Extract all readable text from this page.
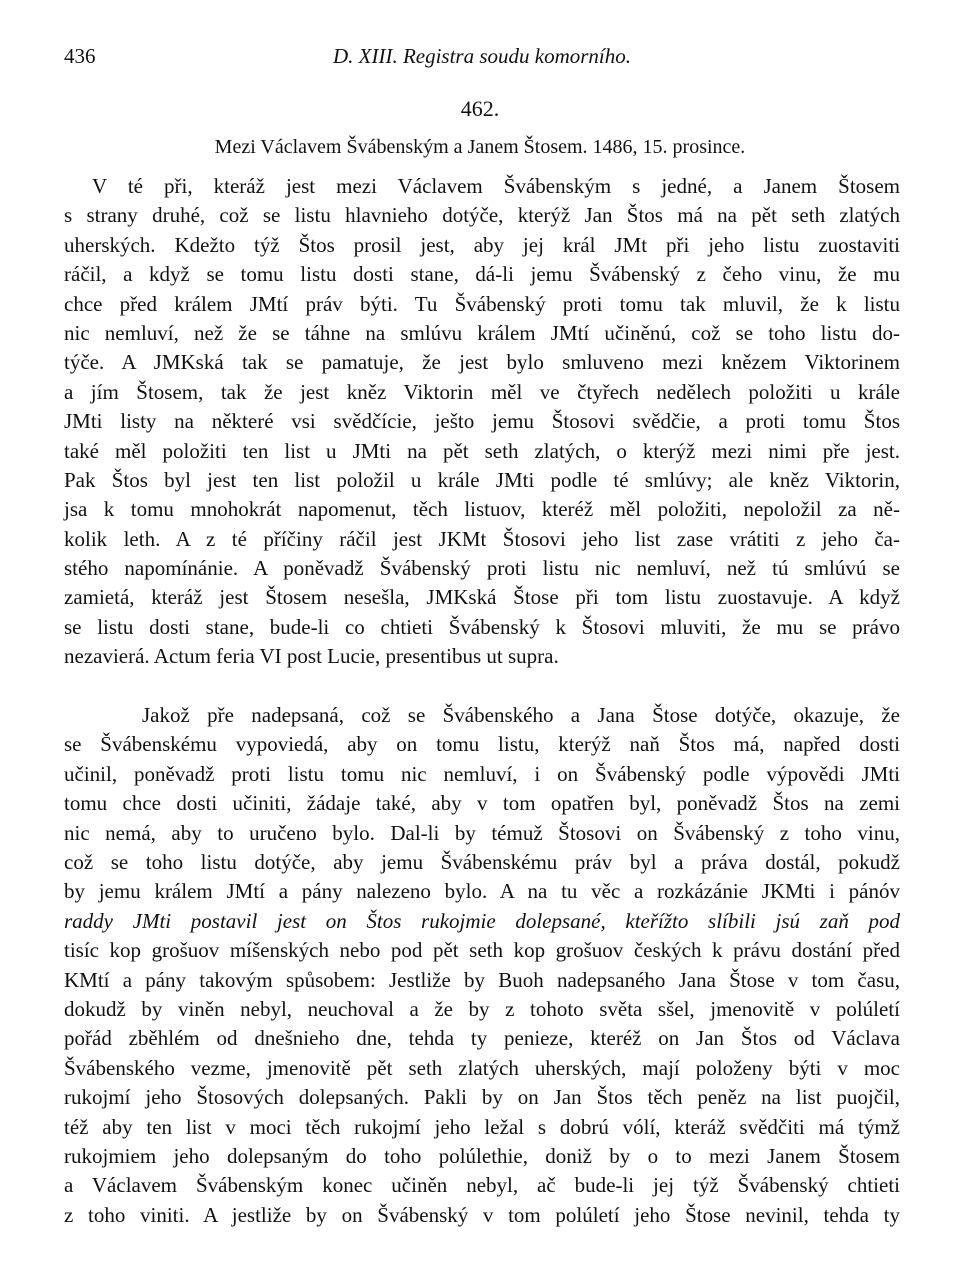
436	D. XIII. Registra soudu komorního.
462.
Mezi Václavem Švábenským a Janem Štosem. 1486, 15. prosince.
V té při, kteráž jest mezi Václavem Švábenským s jedné, a Janem Štosem
s strany druhé, což se listu hlavnieho dotýče, kterýž Jan Štos má na pět seth zlatých
uherských. Kdežto týž Štos prosil jest, aby jej král JMt při jeho listu zuostaviti
ráčil, a když se tomu listu dosti stane, dá-li jemu Švábenský z čeho vinu, že mu
chce před králem JMtí práv býti. Tu Švábenský proti tomu tak mluvil, že k listu
nic nemluví, než že se táhne na smlúvu králem JMtí učiněnú, což se toho listu do-
týče. A JMKská tak se pamatuje, že jest bylo smluveno mezi knězem Viktorinem
a jím Štosem, tak že jest kněz Viktorin měl ve čtyřech nedělech položiti u krále
JMti listy na některé vsi svědčície, ješto jemu Štosovi svědčie, a proti tomu Štos
také měl položiti ten list u JMti na pět seth zlatých, o kterýž mezi nimi pře jest.
Pak Štos byl jest ten list položil u krále JMti podle té smlúvy; ale kněz Viktorin,
jsa k tomu mnohokrát napomenut, těch listuov, kteréž měl položiti, nepoložil za ně-
kolik leth. A z té příčiny ráčil jest JKMt Štosovi jeho list zase vrátiti z jeho ča-
stého napomínánie. A poněvadž Švábenský proti listu nic nemluví, než tú smlúvú se
zamietá, kteráž jest Štosem nesešla, JMKská Štose při tom listu zuostavuje. A když
se listu dosti stane, bude-li co chtieti Švábenský k Štosovi mluviti, že mu se právo
nezavierá. Actum feria VI post Lucie, presentibus ut supra.
Jakož pře nadepsaná, což se Švábenského a Jana Štose dotýče, okazuje, že
se Švábenskému vypoviedá, aby on tomu listu, kterýž naň Štos má, napřed dosti
učinil, poněvadž proti listu tomu nic nemluví, i on Švábenský podle výpovědi JMti
tomu chce dosti učiniti, žádaje také, aby v tom opatřen byl, poněvadž Štos na zemi
nic nemá, aby to uručeno bylo. Dal-li by témuž Štosovi on Švábenský z toho vinu,
což se toho listu dotýče, aby jemu Švábenskému práv byl a práva dostál, pokudž
by jemu králem JMtí a pány nalezeno bylo. A na tu věc a rozkázánie JKMti i pánóv
raddy JMti postavil jest on Štos rukojmie dolepsané, kteřížto slíbili jsú zaň pod
tisíc kop grošuov míšenských nebo pod pět seth kop grošuov českých k právu dostání před
KMtí a pány takovým spůsobem: Jestliže by Buoh nadepsaného Jana Štose v tom času,
dokudž by viněn nebyl, neuchoval a že by z tohoto světa sšel, jmenovitě v polúletí
pořád zběhlém od dnešnieho dne, tehda ty penieze, kteréž on Jan Štos od Václava
Švábenského vezme, jmenovitě pět seth zlatých uherských, mají položeny býti v moc
rukojmí jeho Štosových dolepsaných. Pakli by on Jan Štos těch peněz na list puojčil,
též aby ten list v moci těch rukojmí jeho ležal s dobrú vólí, kteráž svědčiti má týmž
rukojmiem jeho dolepsaným do toho polúlethie, doniž by o to mezi Janem Štosem
a Václavem Švábenským konec učiněn nebyl, ač bude-li jej týž Švábenský chtieti
z toho viniti. A jestliže by on Švábenský v tom polúletí jeho Štose nevinil, tehda ty
